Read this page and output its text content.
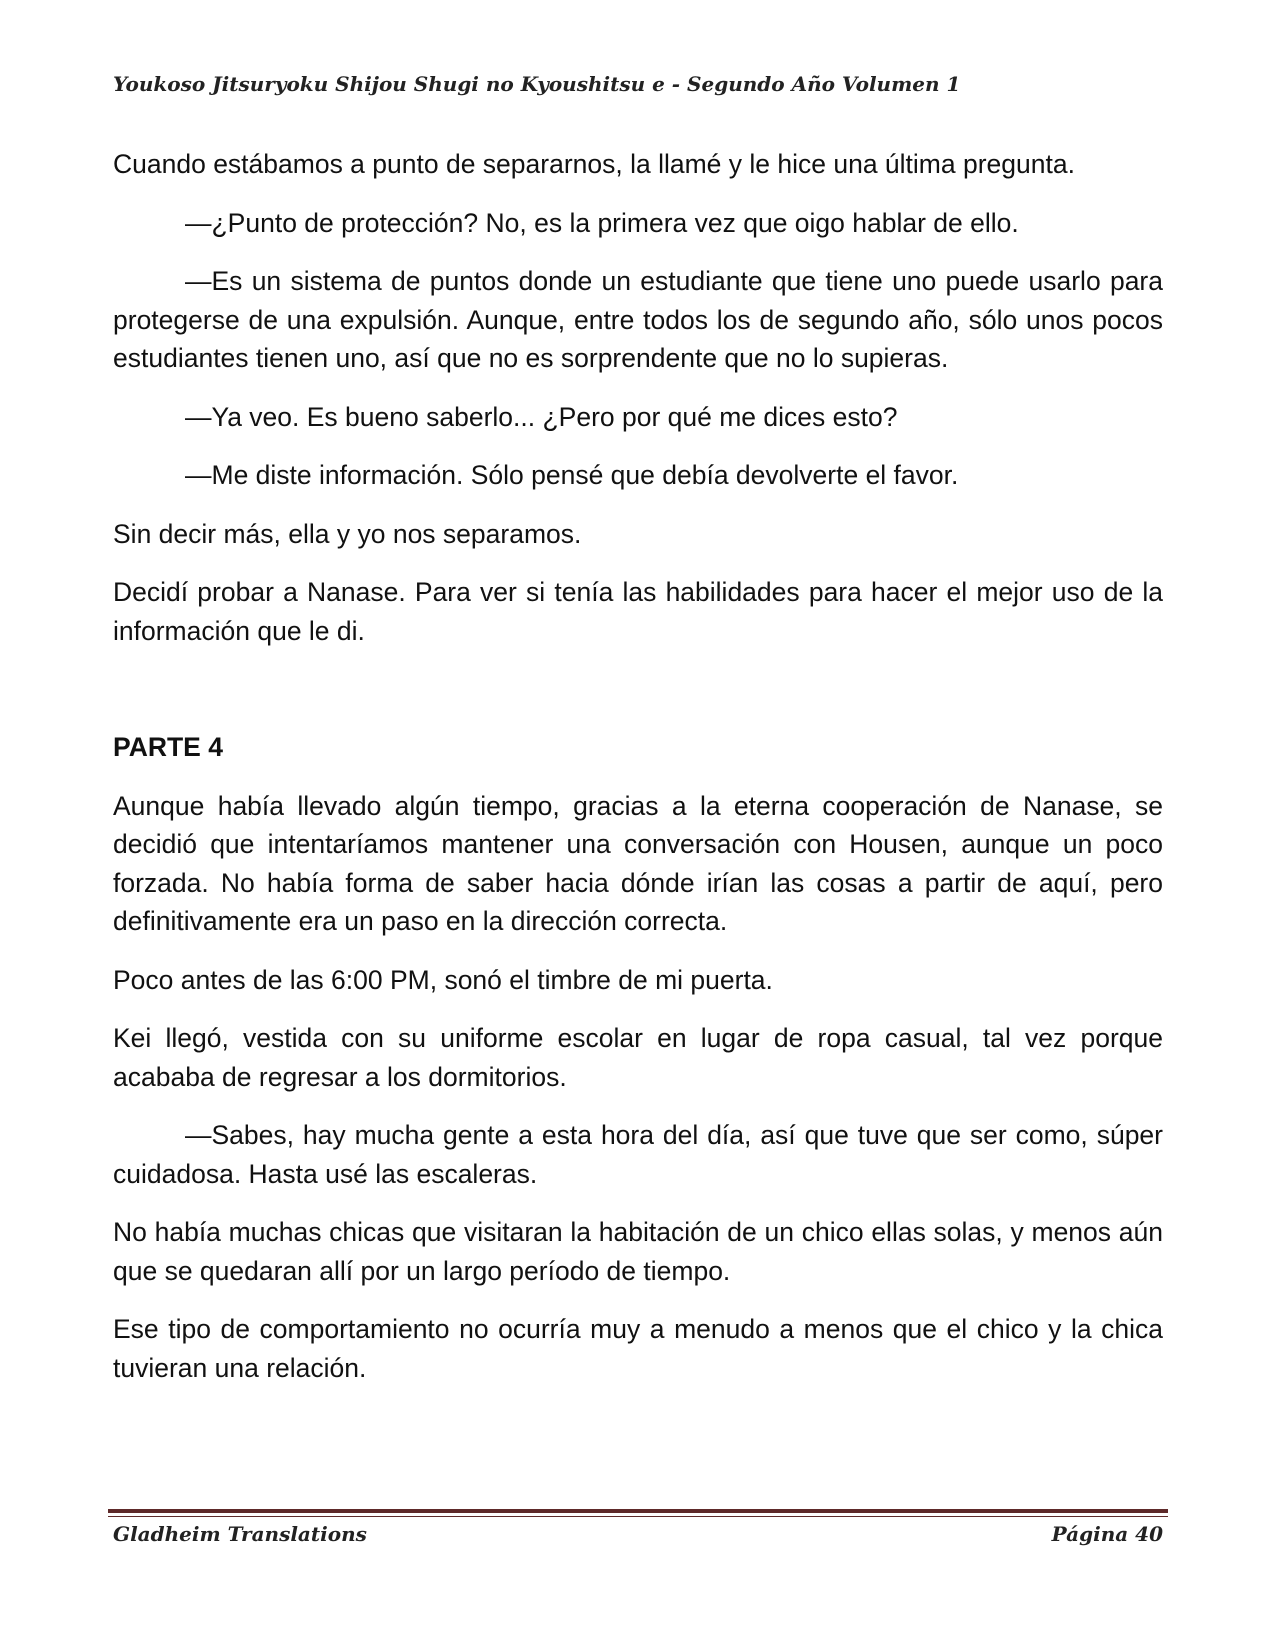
Youkoso Jitsuryoku Shijou Shugi no Kyoushitsu e - Segundo Año Volumen 1

Cuando estábamos a punto de separarnos, la llamé y le hice una última pregunta.

—¿Punto de protección? No, es la primera vez que oigo hablar de ello.

—Es un sistema de puntos donde un estudiante que tiene uno puede usarlo para protegerse de una expulsión. Aunque, entre todos los de segundo año, sólo unos pocos estudiantes tienen uno, así que no es sorprendente que no lo supieras.

—Ya veo. Es bueno saberlo... ¿Pero por qué me dices esto?

—Me diste información. Sólo pensé que debía devolverte el favor.

Sin decir más, ella y yo nos separamos.

Decidí probar a Nanase. Para ver si tenía las habilidades para hacer el mejor uso de la información que le di.

PARTE 4

Aunque había llevado algún tiempo, gracias a la eterna cooperación de Nanase, se decidió que intentaríamos mantener una conversación con Housen, aunque un poco forzada. No había forma de saber hacia dónde irían las cosas a partir de aquí, pero definitivamente era un paso en la dirección correcta.

Poco antes de las 6:00 PM, sonó el timbre de mi puerta.

Kei llegó, vestida con su uniforme escolar en lugar de ropa casual, tal vez porque acababa de regresar a los dormitorios.

—Sabes, hay mucha gente a esta hora del día, así que tuve que ser como, súper cuidadosa. Hasta usé las escaleras.

No había muchas chicas que visitaran la habitación de un chico ellas solas, y menos aún que se quedaran allí por un largo período de tiempo.

Ese tipo de comportamiento no ocurría muy a menudo a menos que el chico y la chica tuvieran una relación.

Gladheim Translations	Página 40
